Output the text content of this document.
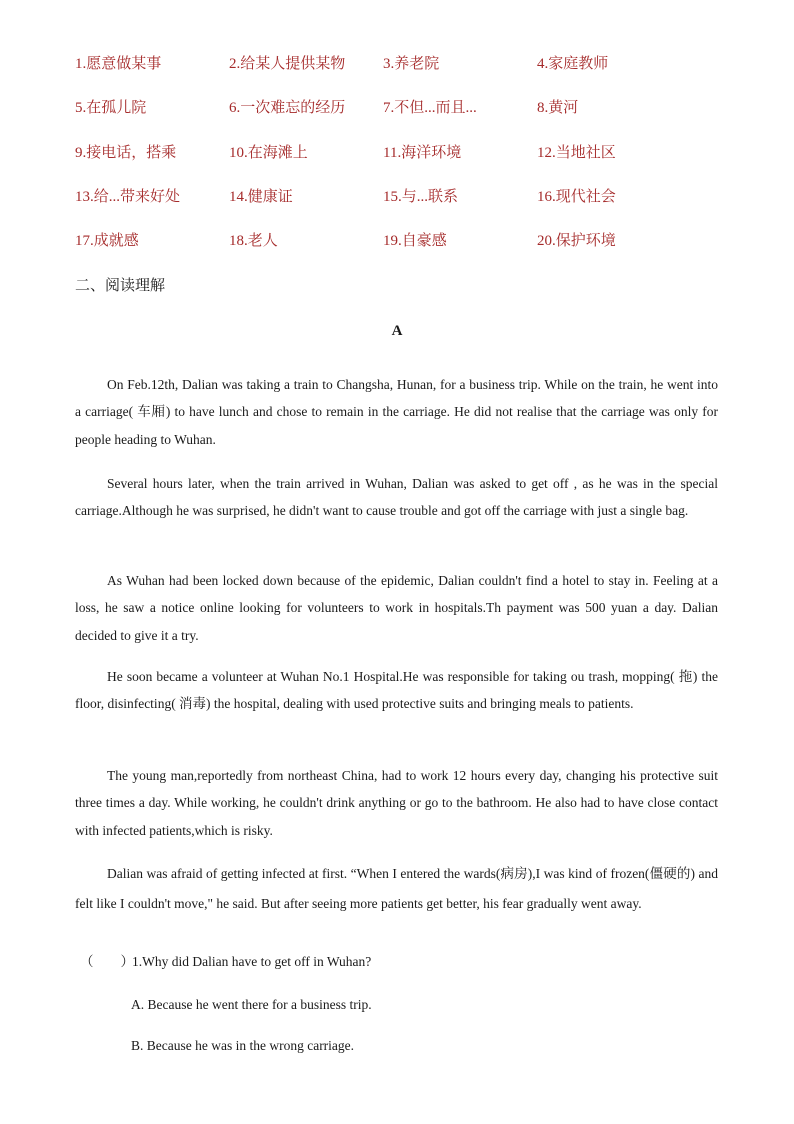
1.愿意做某事	2.给某人提供某物	3.养老院	4.家庭教师
5.在孤儿院	6.一次难忘的经历	7.不但...而且...	8.黄河
9.接电话，搭乘	10.在海滩上	11.海洋环境	12.当地社区
13.给...带来好处	14.健康证	15.与...联系	16.现代社会
17.成就感	18.老人	19.自豪感	20.保护环境
二、阅读理解
A

On Feb.12th, Dalian was taking a train to Changsha, Hunan, for a business trip. While on the train, he went into a carriage( 车厢) to have lunch and chose to remain in the carriage. He did not realise that the carriage was only for people heading to Wuhan.

Several hours later, when the train arrived in Wuhan, Dalian was asked to get off , as he was in the special carriage.Although he was surprised, he didn't want to cause trouble and got off the carriage with just a single bag.

As Wuhan had been locked down because of the epidemic, Dalian couldn't find a hotel to stay in. Feeling at a loss, he saw a notice online looking for volunteers to work in hospitals.Th payment was 500 yuan a day. Dalian decided to give it a try.

He soon became a volunteer at Wuhan No.1 Hospital.He was responsible for taking ou trash, mopping( 拖) the floor, disinfecting( 消毒) the hospital, dealing with used protective suits and bringing meals to patients.

The young man,reportedly from northeast China, had to work 12 hours every day, changing his protective suit three times a day. While working, he couldn't drink anything or go to the bathroom. He also had to have close contact with infected patients,which is risky.

Dalian was afraid of getting infected at first. “When I entered the wards(病房),I was kind of frozen(僵硬的) and felt like I couldn't move," he said. But after seeing more patients get better, his fear gradually went away.

（　　）1.Why did Dalian have to get off in Wuhan?
A. Because he went there for a business trip.
B. Because he was in the wrong carriage.
